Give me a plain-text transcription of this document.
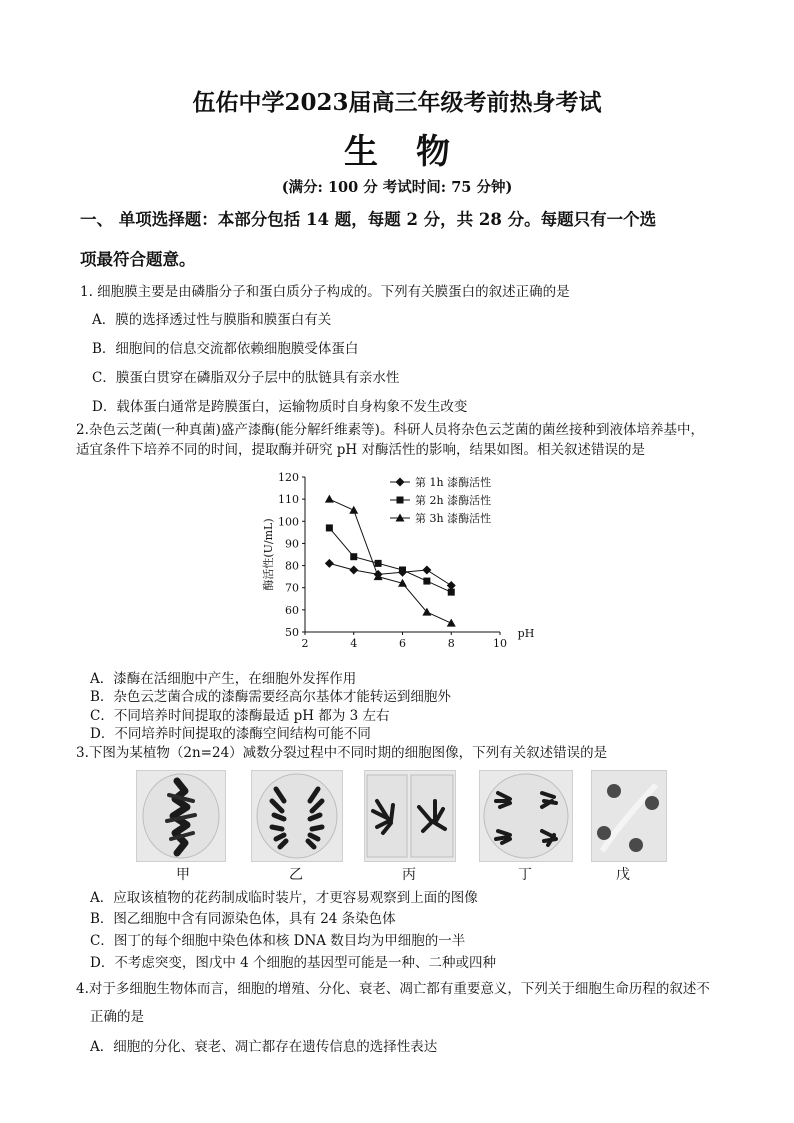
伍佑中学2023届高三年级考前热身考试
生物
(满分: 100 分 考试时间: 75 分钟)
一、 单项选择题：本部分包括 14 题，每题 2 分，共 28 分。每题只有一个选
项最符合题意。
1. 细胞膜主要是由磷脂分子和蛋白质分子构成的。下列有关膜蛋白的叙述正确的是
A．膜的选择透过性与膜脂和膜蛋白有关
B．细胞间的信息交流都依赖细胞膜受体蛋白
C．膜蛋白贯穿在磷脂双分子层中的肽链具有亲水性
D．载体蛋白通常是跨膜蛋白，运输物质时自身构象不发生改变
2.杂色云芝菌(一种真菌)盛产漆酶(能分解纤维素等)。科研人员将杂色云芝菌的菌丝接种到液体培养基中，
适宜条件下培养不同的时间，提取酶并研究 pH 对酶活性的影响，结果如图。相关叙述错误的是
2	4	6	8	10
50
60
70
80
90
100
110
120
pH
酶活性(U/mL)
第 1h 漆酶活性
第 2h 漆酶活性
第 3h 漆酶活性
A．漆酶在活细胞中产生，在细胞外发挥作用
B．杂色云芝菌合成的漆酶需要经高尔基体才能转运到细胞外
C．不同培养时间提取的漆酶最适 pH 都为 3 左右
D．不同培养时间提取的漆酶空间结构可能不同
3.下图为某植物（2n=24）减数分裂过程中不同时期的细胞图像，下列有关叙述错误的是
甲	乙	丙	丁	戊
A．应取该植物的花药制成临时装片，才更容易观察到上面的图像
B．图乙细胞中含有同源染色体，具有 24 条染色体
C．图丁的每个细胞中染色体和核 DNA 数目均为甲细胞的一半
D．不考虑突变，图戊中 4 个细胞的基因型可能是一种、二种或四种
4.对于多细胞生物体而言，细胞的增殖、分化、衰老、凋亡都有重要意义，下列关于细胞生命历程的叙述不
正确的是
A．细胞的分化、衰老、凋亡都存在遗传信息的选择性表达
